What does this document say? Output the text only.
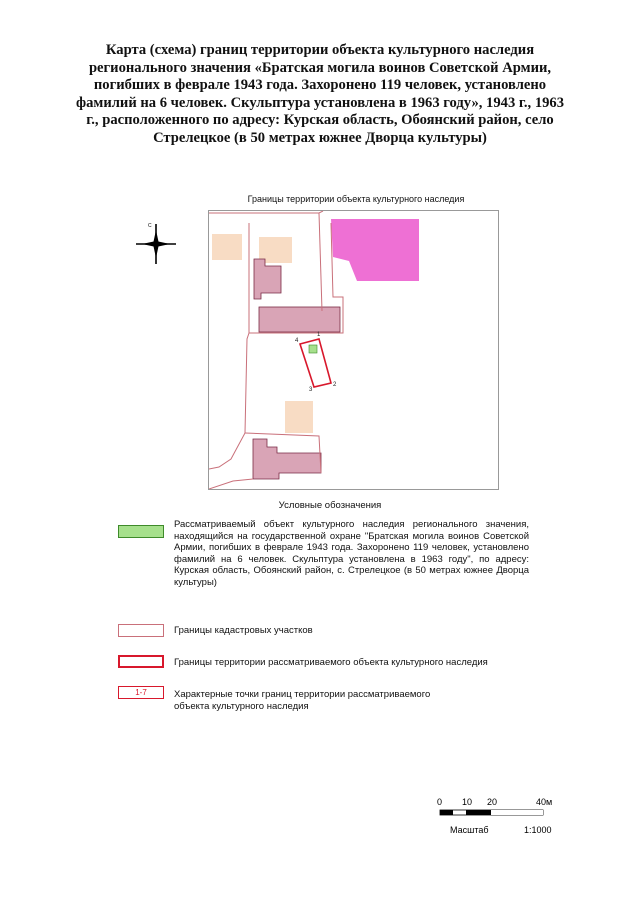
Карта (схема) границ территории объекта культурного наследия регионального значения «Братская могила воинов Советской Армии, погибших в феврале 1943 года. Захоронено 119 человек, установлено фамилий на 6 человек. Скульптура установлена в 1963 году», 1943 г., 1963 г., расположенного по адресу: Курская область, Обоянский район, село Стрелецкое (в 50 метрах южнее Дворца культуры)
Границы территории объекта культурного наследия
С
1
2
3
4
Условные обозначения
Рассматриваемый объект культурного наследия регионального значения, находящийся на государственной охране "Братская могила воинов Советской Армии, погибших в феврале 1943 года. Захоронено 119 человек, установлено фамилий на 6 человек. Скульптура установлена в 1963 году", по адресу: Курская область, Обоянский район, с. Стрелецкое (в 50 метрах южнее Дворца культуры)
Границы кадастровых участков
Границы территории рассматриваемого объекта культурного наследия
1-7	Характерные точки границ территории рассматриваемого объекта культурного наследия
0 10 20	40м
Масштаб	1:1000
